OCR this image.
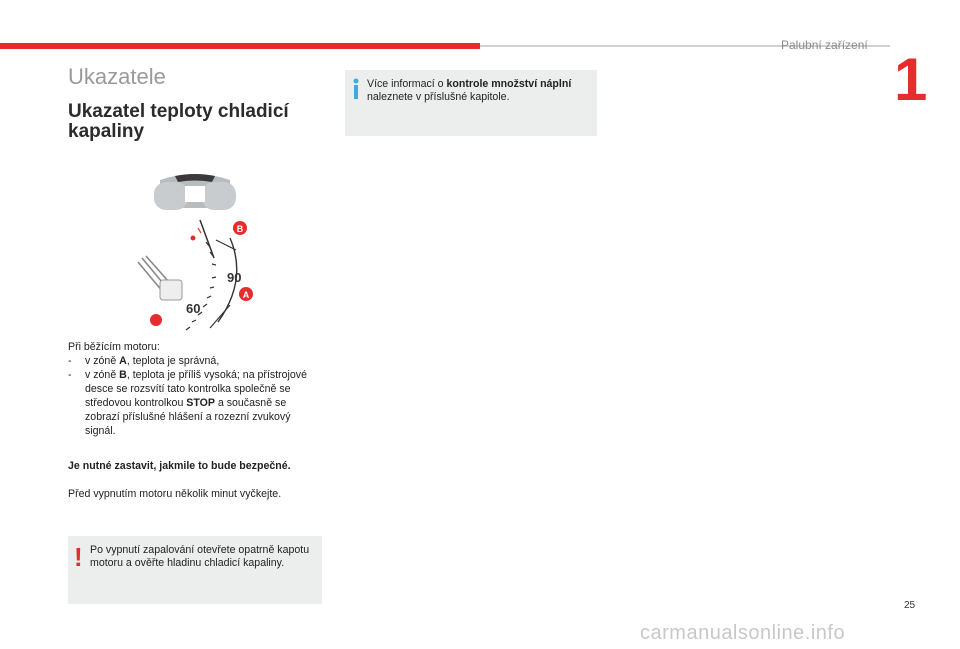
Palubní zařízení
1
Ukazatele
Ukazatel teploty chladicí kapaliny
90
60
B
A

Při běžícím motoru:

- v zóně A, teplota je správná,
- v zóně B, teplota je příliš vysoká; na přístrojové desce se rozsvítí tato kontrolka společně se středovou kontrolkou STOP a současně se zobrazí příslušné hlášení a rozezní zvukový signál.
Je nutné zastavit, jakmile to bude bezpečné.
Před vypnutím motoru několik minut vyčkejte.
! Po vypnutí zapalování otevřete opatrně kapotu motoru a ověřte hladinu chladicí kapaliny.
Více informací o kontrole množství náplní naleznete v příslušné kapitole.
25
carmanualsonline.info
